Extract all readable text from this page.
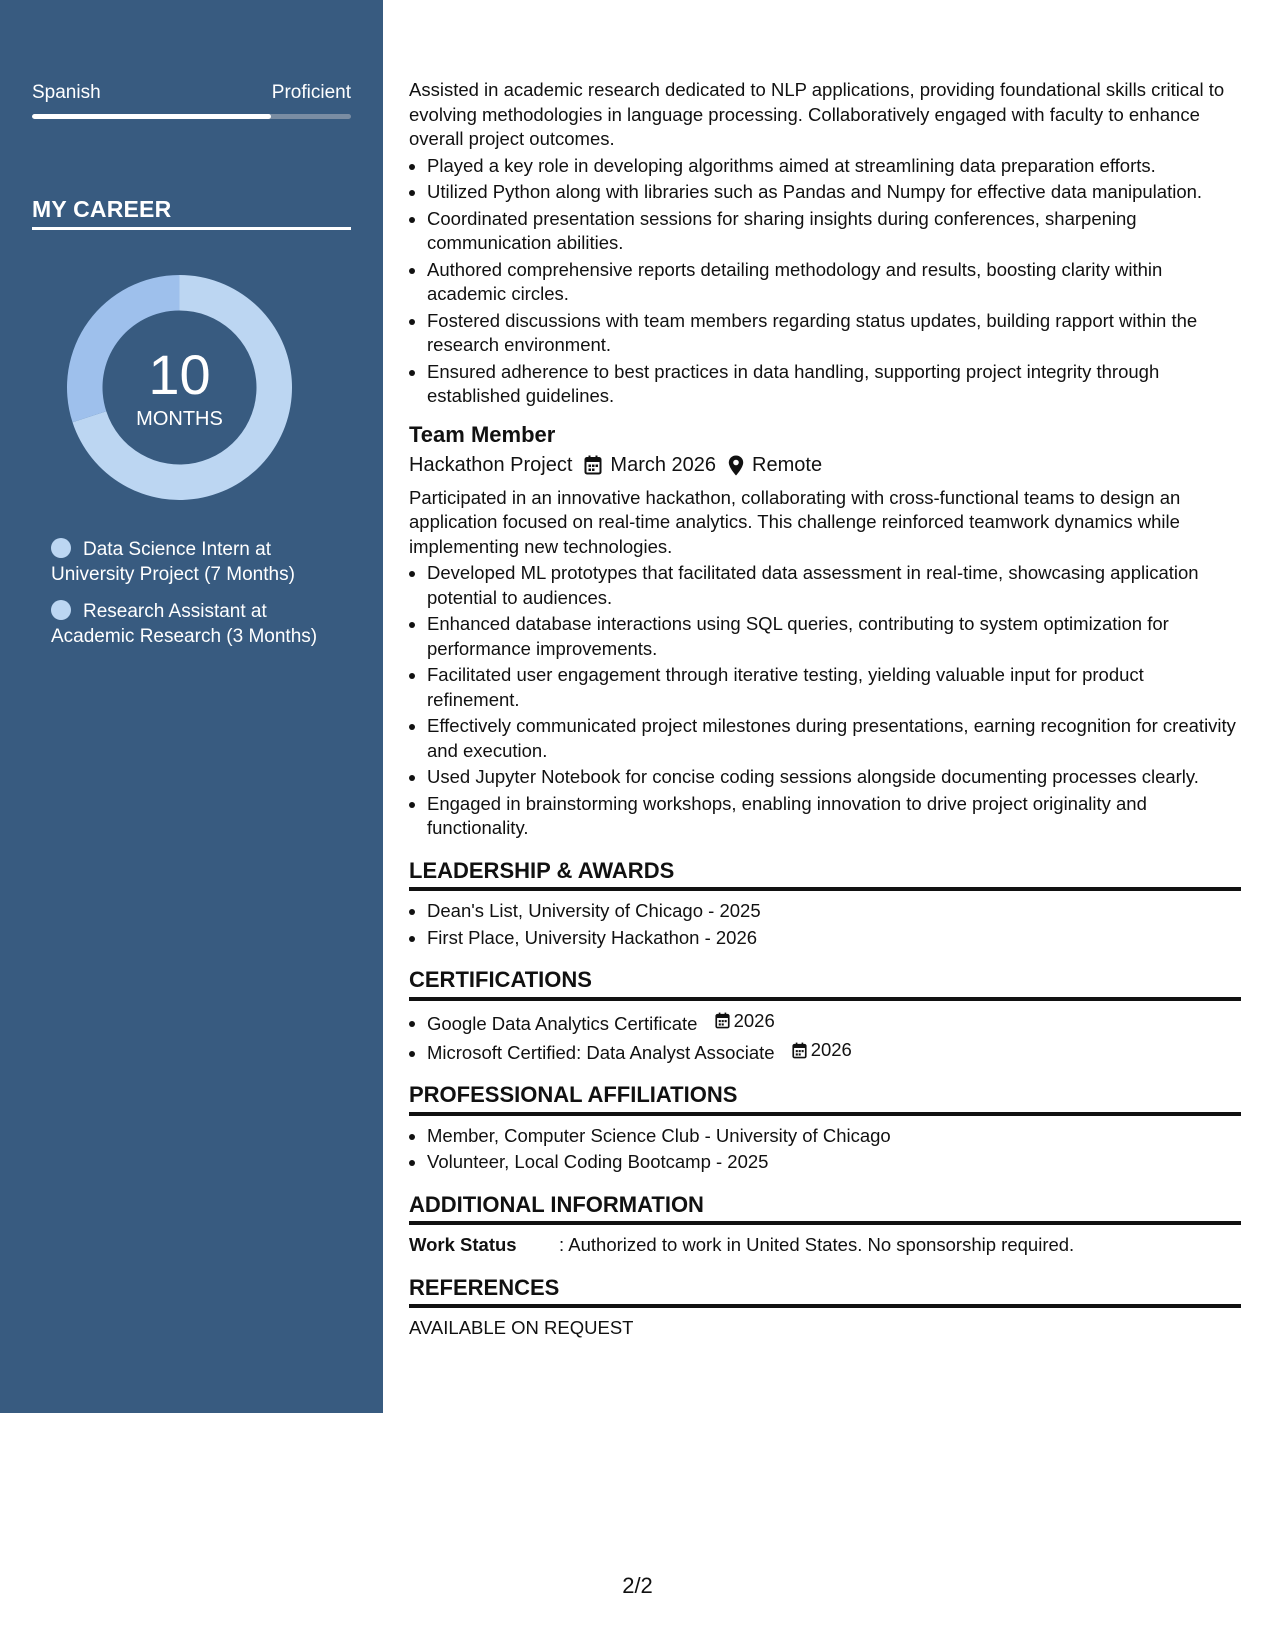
Spanish	Proficient
MY CAREER
10
MONTHS
Data Science Intern at University Project (7 Months)
Research Assistant at Academic Research (3 Months)

Assisted in academic research dedicated to NLP applications, providing foundational skills critical to evolving methodologies in language processing. Collaboratively engaged with faculty to enhance overall project outcomes.

• Played a key role in developing algorithms aimed at streamlining data preparation efforts.
• Utilized Python along with libraries such as Pandas and Numpy for effective data manipulation.
• Coordinated presentation sessions for sharing insights during conferences, sharpening communication abilities.
• Authored comprehensive reports detailing methodology and results, boosting clarity within academic circles.
• Fostered discussions with team members regarding status updates, building rapport within the research environment.
• Ensured adherence to best practices in data handling, supporting project integrity through established guidelines.
Team Member
Hackathon Project March 2026 Remote

Participated in an innovative hackathon, collaborating with cross-functional teams to design an application focused on real-time analytics. This challenge reinforced teamwork dynamics while implementing new technologies.

• Developed ML prototypes that facilitated data assessment in real-time, showcasing application potential to audiences.
• Enhanced database interactions using SQL queries, contributing to system optimization for performance improvements.
• Facilitated user engagement through iterative testing, yielding valuable input for product refinement.
• Effectively communicated project milestones during presentations, earning recognition for creativity and execution.
• Used Jupyter Notebook for concise coding sessions alongside documenting processes clearly.
• Engaged in brainstorming workshops, enabling innovation to drive project originality and functionality.
LEADERSHIP & AWARDS
• Dean's List, University of Chicago - 2025
• First Place, University Hackathon - 2026
CERTIFICATIONS
• Google Data Analytics Certificate 2026
• Microsoft Certified: Data Analyst Associate 2026
PROFESSIONAL AFFILIATIONS
• Member, Computer Science Club - University of Chicago
• Volunteer, Local Coding Bootcamp - 2025
ADDITIONAL INFORMATION
Work Status	: Authorized to work in United States. No sponsorship required.
REFERENCES
AVAILABLE ON REQUEST
2/2
